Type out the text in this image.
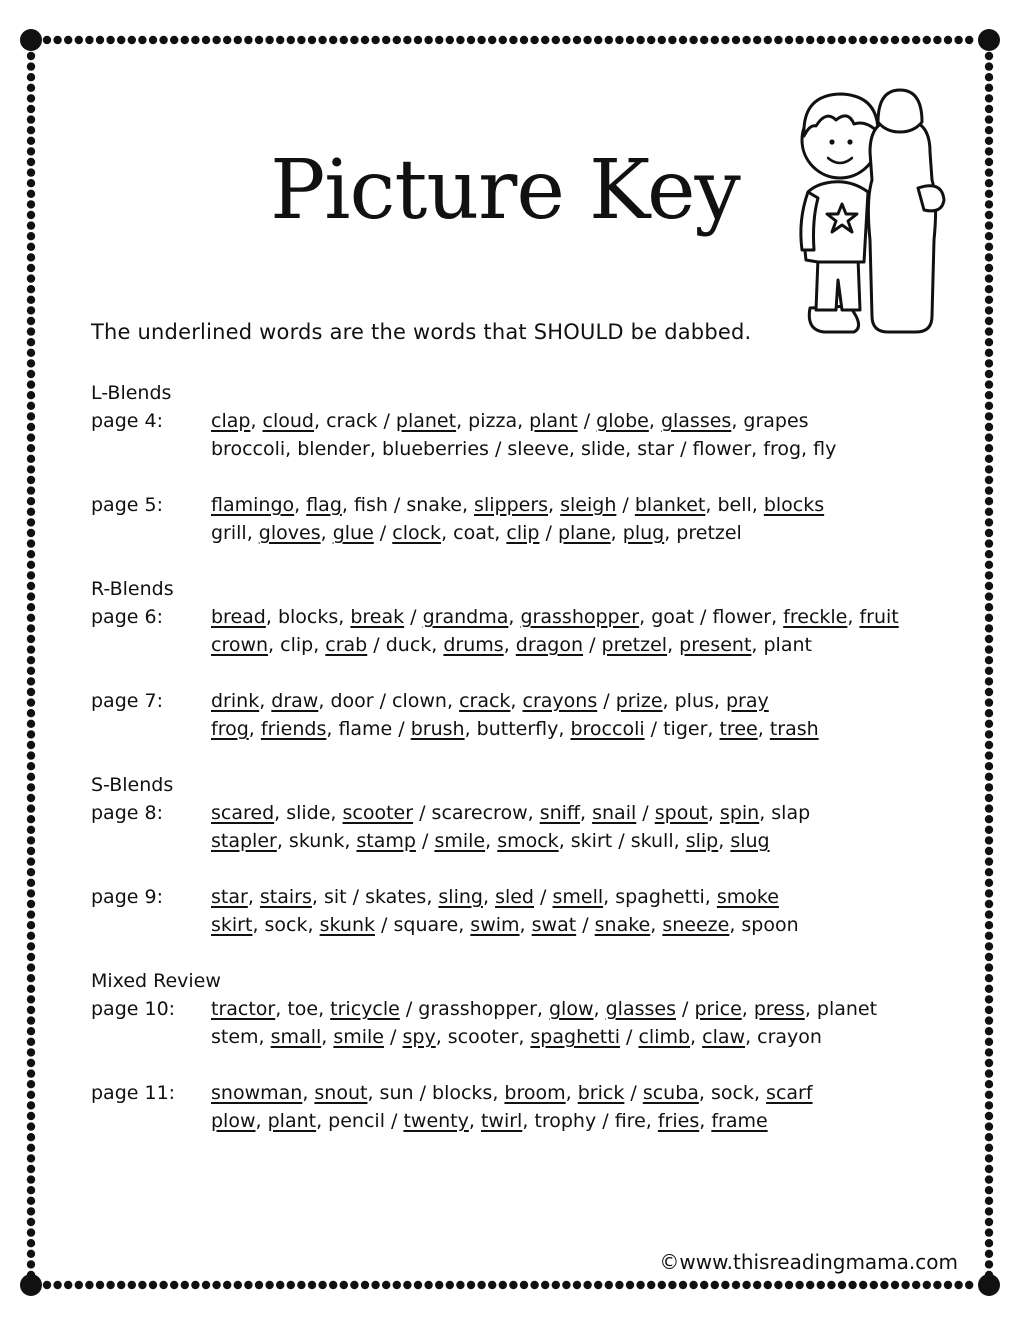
Picture Key
The underlined words are the words that SHOULD be dabbed.
L-Blends
page 4:	clap, cloud, crack / planet, pizza, plant / globe, glasses, grapes
broccoli, blender, blueberries / sleeve, slide, star / flower, frog, fly
page 5:	flamingo, flag, fish / snake, slippers, sleigh / blanket, bell, blocks
grill, gloves, glue / clock, coat, clip / plane, plug, pretzel
R-Blends
page 6:	bread, blocks, break / grandma, grasshopper, goat / flower, freckle, fruit
crown, clip, crab / duck, drums, dragon / pretzel, present, plant
page 7:	drink, draw, door / clown, crack, crayons / prize, plus, pray
frog, friends, flame / brush, butterfly, broccoli / tiger, tree, trash
S-Blends
page 8:	scared, slide, scooter / scarecrow, sniff, snail / spout, spin, slap
stapler, skunk, stamp / smile, smock, skirt / skull, slip, slug
page 9:	star, stairs, sit / skates, sling, sled / smell, spaghetti, smoke
skirt, sock, skunk / square, swim, swat / snake, sneeze, spoon
Mixed Review
page 10: tractor, toe, tricycle / grasshopper, glow, glasses / price, press, planet
stem, small, smile / spy, scooter, spaghetti / climb, claw, crayon
page 11: snowman, snout, sun / blocks, broom, brick / scuba, sock, scarf
plow, plant, pencil / twenty, twirl, trophy / fire, fries, frame
©www.thisreadingmama.com
